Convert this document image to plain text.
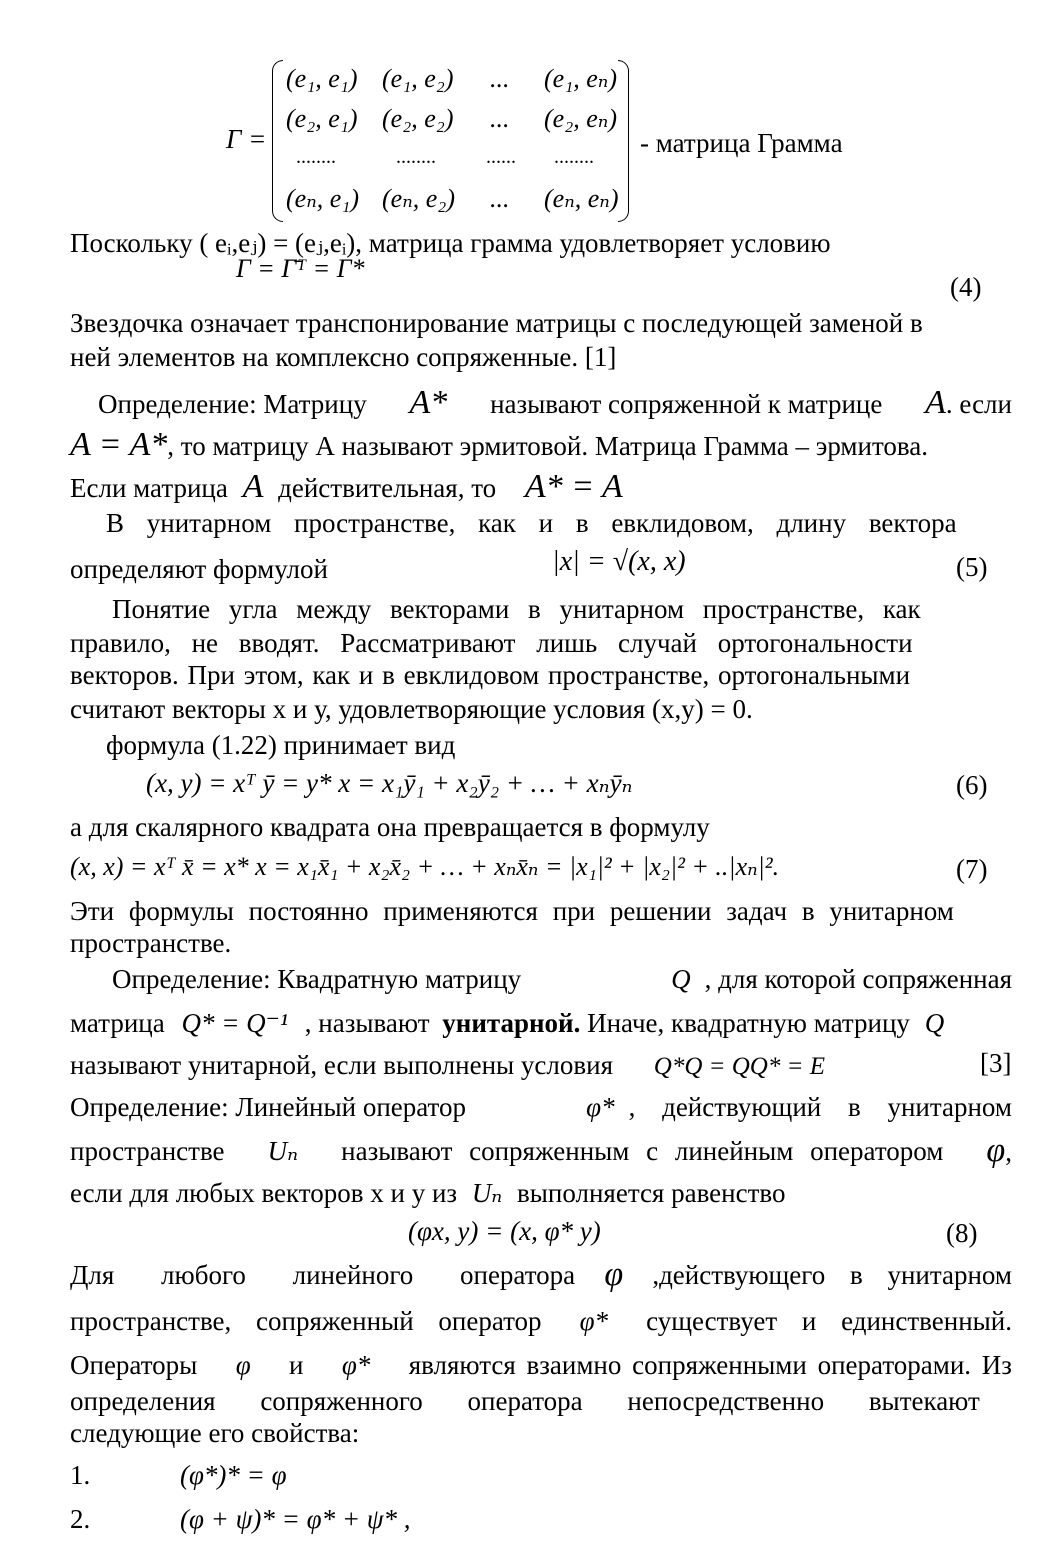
Γ =
(e₁, e₁) (e₁, e₂) ... (e₁, eₙ)
(e₂, e₁) (e₂, e₂) ... (e₂, eₙ)
........	........	...... ........
(eₙ, e₁) (eₙ, e₂) ... (eₙ, eₙ)
- матрица Грамма
Поскольку ( eᵢ,eⱼ) = (eⱼ,eᵢ), матрица грамма удовлетворяет условию
Γ = Γ̄ᵀ = Γ*
(4)
Звездочка означает транспонирование матрицы с последующей заменой в
ней элементов на комплексно сопряженные. [1]
Определение: Матрицу A* называют сопряженной к матрице A. если
A = A*, то матрицу А называют эрмитовой. Матрица Грамма – эрмитова.
Если матрица A действительная, то A* = A
В унитарном пространстве, как и в евклидовом, длину вектора
определяют формулой	|x| = √(x, x)	(5)
Понятие угла между векторами в унитарном пространстве, как
правило, не вводят. Рассматривают лишь случай ортогональности
векторов. При этом, как и в евклидовом пространстве, ортогональными
считают векторы х и у, удовлетворяющие условия (х,у) = 0.
формула (1.22) принимает вид
(x, y) = xᵀ ȳ = y* x = x₁ȳ₁ + x₂ȳ₂ + … + xₙȳₙ	(6)
а для скалярного квадрата она превращается в формулу
(x, x) = xᵀ x̄ = x* x = x₁x̄₁ + x₂x̄₂ + … + xₙx̄ₙ = |x₁|² + |x₂|² + ..|xₙ|².	(7)
Эти формулы постоянно применяются при решении задач в унитарном
пространстве.
Определение: Квадратную матрицу	Q , для которой сопряженная
матрица Q* = Q⁻¹ , называют унитарной. Иначе, квадратную матрицу Q
называют унитарной, если выполнены условия Q*Q = QQ* = E	[3]
Определение: Линейный оператор	φ* , действующий в унитарном
пространстве Uₙ называют сопряженным с линейным оператором φ,
если для любых векторов х и у из Uₙ выполняется равенство
(φx, y) = (x, φ* y)	(8)
Для любого линейного оператора φ ,действующего в унитарном
пространстве, сопряженный оператор φ* существует и единственный.
Операторы φ и φ* являются взаимно сопряженными операторами. Из
определения сопряженного оператора непосредственно вытекают
следующие его свойства:
1.	(φ*)* = φ
2.	(φ + ψ)* = φ* + ψ* ,
